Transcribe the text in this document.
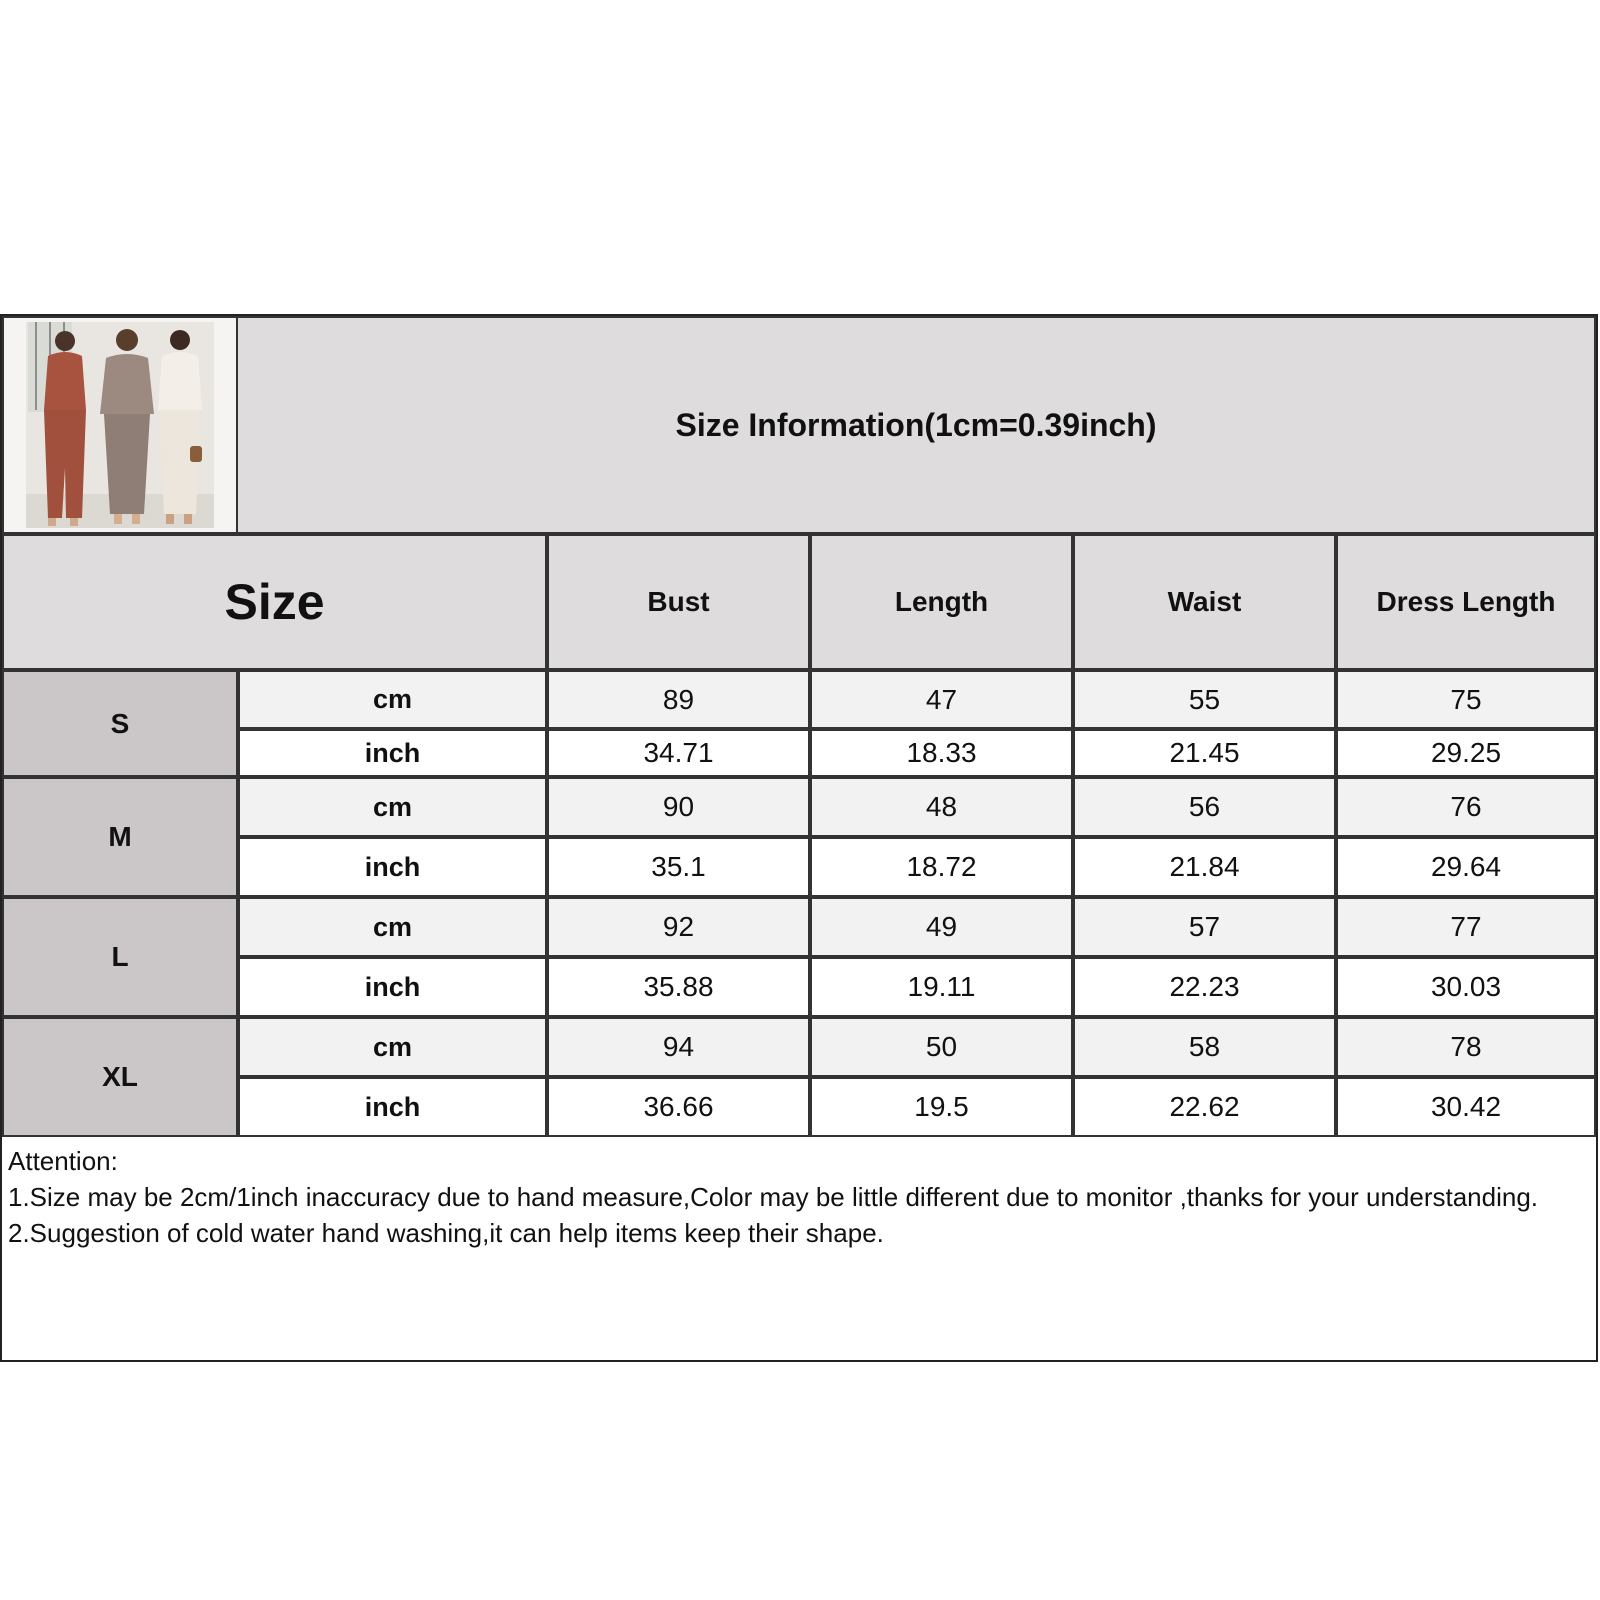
Size Information(1cm=0.39inch)
Size	Bust	Length	Waist	Dress Length
S
cm	89	47	55	75
inch	34.71	18.33	21.45	29.25
M
cm	90	48	56	76
inch	35.1	18.72	21.84	29.64
L
cm	92	49	57	77
inch	35.88	19.11	22.23	30.03
XL
cm	94	50	58	78
inch	36.66	19.5	22.62	30.42
Attention:
1.Size may be 2cm/1inch inaccuracy due to hand measure,Color may be little different due to monitor ,thanks for your understanding.
2.Suggestion of cold water hand washing,it can help items keep their shape.
